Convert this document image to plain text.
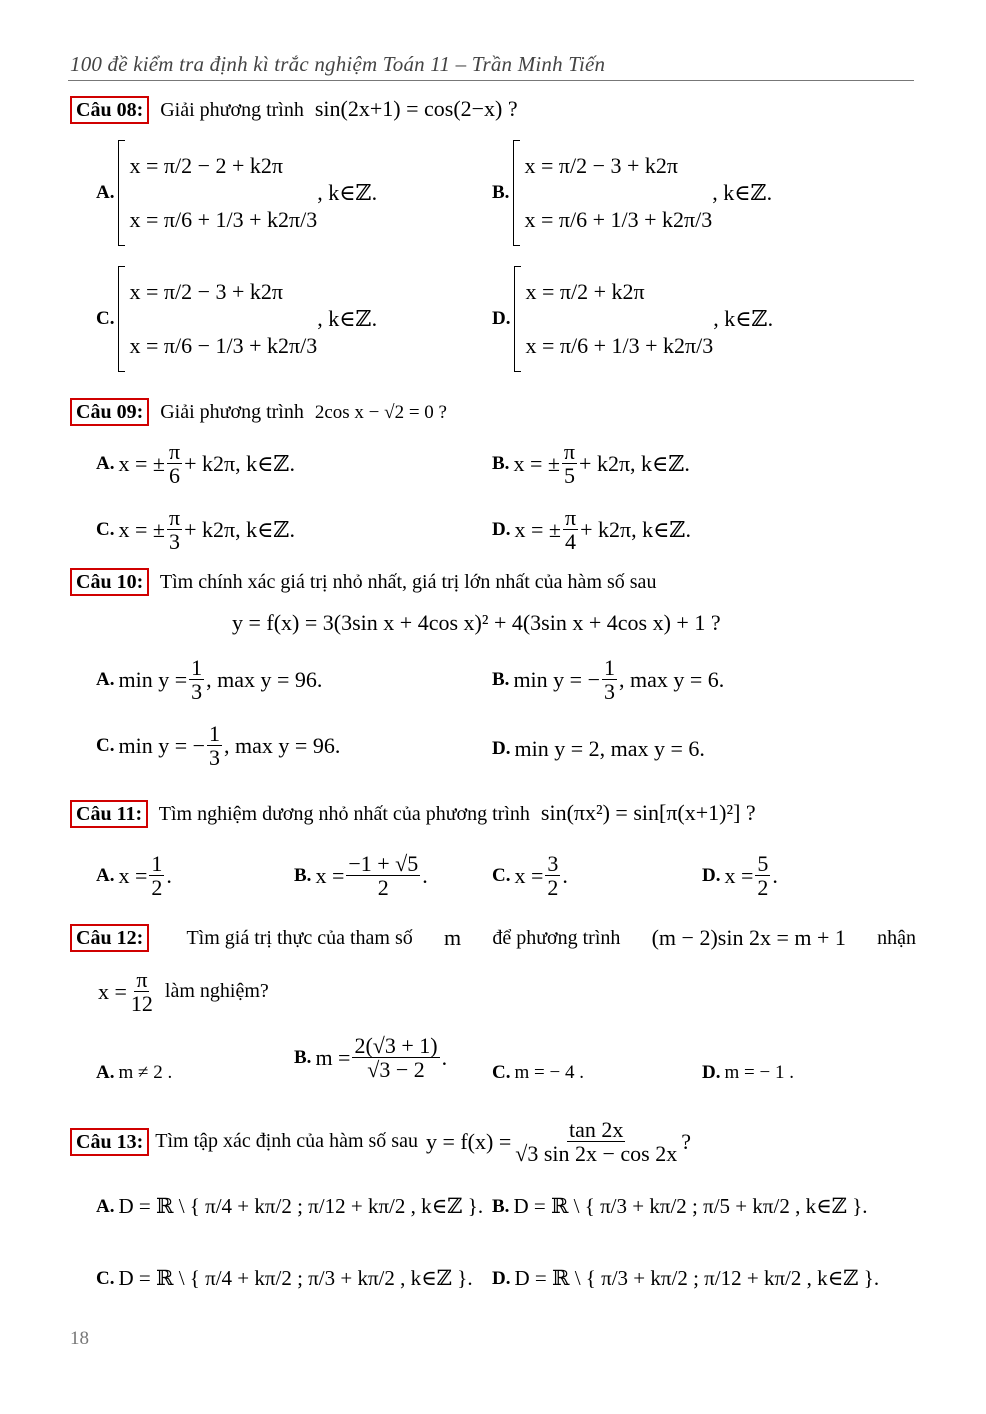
100 đề kiểm tra định kì trắc nghiệm Toán 11 – Trần Minh Tiến
Câu 08: Giải phương trình sin(2x+1) = cos(2−x) ?
A.
x = π/2 − 2 + k2π
x = π/6 + 1/3 + k2π/3
, k∈ℤ.	B.
x = π/2 − 3 + k2π
x = π/6 + 1/3 + k2π/3
, k∈ℤ.
C.
x = π/2 − 3 + k2π
x = π/6 − 1/3 + k2π/3
, k∈ℤ.	D.
x = π/2 + k2π
x = π/6 + 1/3 + k2π/3
, k∈ℤ.
Câu 09: Giải phương trình 2cos x − √2 = 0 ?
A. x = ± $\frac{\pi}{6} + k2\pi$, k∈ℤ.	B. x = ± $\frac{\pi}{5} + k2\pi$, k∈ℤ.
C. x = ± $\frac{\pi}{3} + k2\pi$, k∈ℤ.	D. x = ± $\frac{\pi}{4} + k2\pi$, k∈ℤ.
Câu 10: Tìm chính xác giá trị nhỏ nhất, giá trị lớn nhất của hàm số sau
y = f(x) = 3(3sin x + 4cos x)² + 4(3sin x + 4cos x) + 1 ?
A. $\min y = \frac{1}{3}$ , max y = 96.	B. min y = − $\frac{1}{3}$ , max y = 6.
C. min y = − $\frac{1}{3}$ , max y = 96.	D. min y = 2, max y = 6.
Câu 11: Tìm nghiệm dương nhỏ nhất của phương trình sin(πx²) = sin[π(x+1)²] ?
A. $x = \frac{1}{2}$ .	B. $x = \frac{-1 + √5}{2}$ .	C. $x = \frac{3}{2}$ .	D. $x = \frac{5}{2}$ .
Câu 12:	Tìm giá trị thực của tham số m để phương trình (m − 2)sin 2x = m + 1 nhận
$x = \frac{\pi}{12}$ làm nghiệm?
A. m ≠ 2 .
B. $m = \frac{2(√3 + 1)}{√3 - 2}$ .
C. m = − 4 .	D. m = − 1 .
Câu 13: Tìm tập xác định của hàm số sau $y = f(x) = \frac{\tan 2x}{√3 \sin 2x - \cos 2x}$ ?
A. D = ℝ \ { π/4 + kπ/2 ; π/12 + kπ/2 , k∈ℤ }. B. D = ℝ \ { π/3 + kπ/2 ; π/5 + kπ/2 , k∈ℤ }.
C. D = ℝ \ { π/4 + kπ/2 ; π/3 + kπ/2 , k∈ℤ }. D. D = ℝ \ { π/3 + kπ/2 ; π/12 + kπ/2 , k∈ℤ }.
18
